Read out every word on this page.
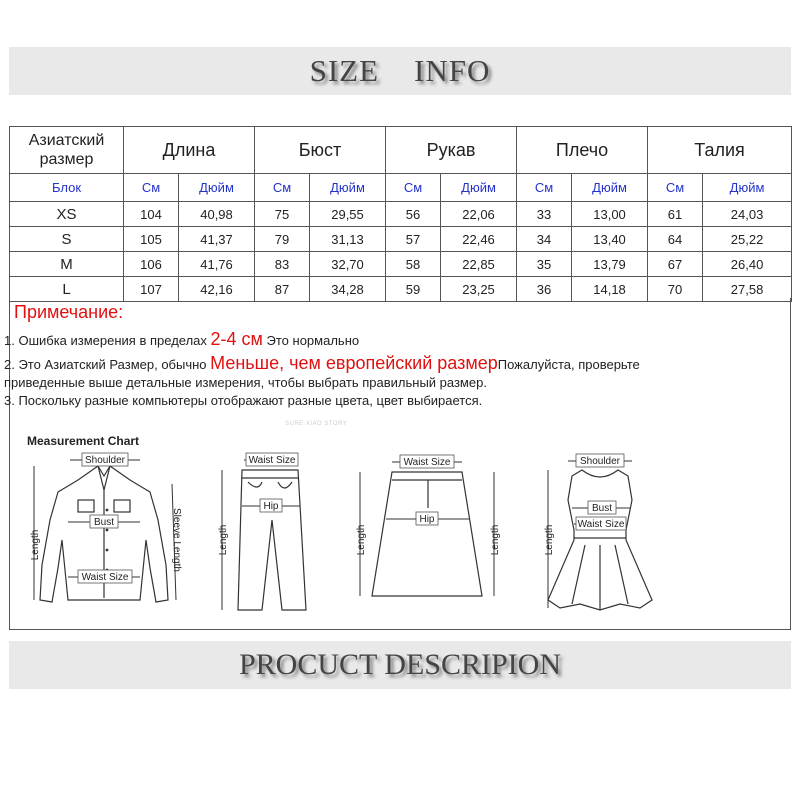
SIZE    INFO
Азиатский размер	Длина		Бюст		Рукав		Плечо		Талия	
Блок	См	Дюйм	См	Дюйм	См	Дюйм	См	Дюйм	См	Дюйм
XS	104	40,98	75	29,55	56	22,06	33	13,00	61	24,03
S	105	41,37	79	31,13	57	22,46	34	13,40	64	25,22
M	106	41,76	83	32,70	58	22,85	35	13,79	67	26,40
L	107	42,16	87	34,28	59	23,25	36	14,18	70	27,58
Примечание:
1. Ошибка измерения в пределах 2-4 см Это нормально
2. Это Азиатский Размер, обычно Меньше, чем европейский размерПожалуйста, проверьте
приведенные выше детальные измерения, чтобы выбрать правильный размер.
3. Поскольку разные компьютеры отображают разные цвета, цвет выбирается.
Measurement Chart
SURE XIAO STORY
Shoulder
Bust
Waist Size
Length	Sleeve Length
Waist Size
Hip
Length
Waist Size
Hip
Length	Length
Shoulder
Bust
Waist Size
Length
PROCUCT DESCRIPION
